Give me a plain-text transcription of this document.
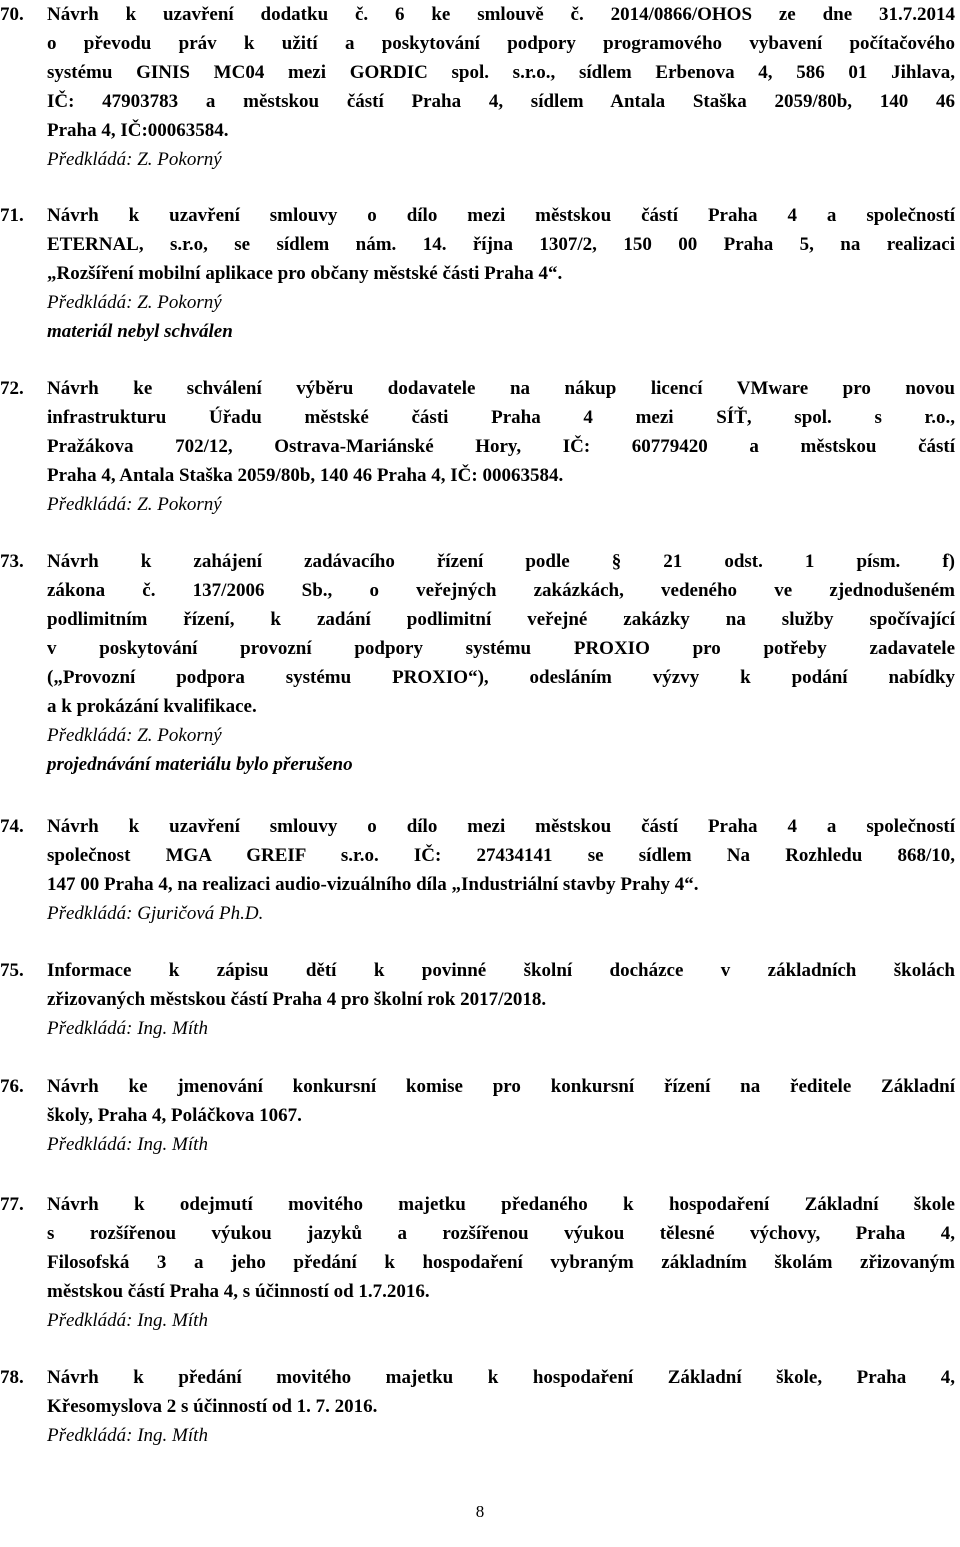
70. Návrh k uzavření dodatku č. 6 ke smlouvě č. 2014/0866/OHOS ze dne 31.7.2014
o převodu práv k užití a poskytování podpory programového vybavení počítačového
systému GINIS MC04 mezi GORDIC spol. s.r.o., sídlem Erbenova 4, 586 01 Jihlava,
IČ: 47903783 a městskou částí Praha 4, sídlem Antala Staška 2059/80b, 140 46
Praha 4, IČ:00063584.
Předkládá: Z. Pokorný
71. Návrh k uzavření smlouvy o dílo mezi městskou částí Praha 4 a společností
ETERNAL, s.r.o, se sídlem nám. 14. října 1307/2, 150 00 Praha 5, na realizaci
„Rozšíření mobilní aplikace pro občany městské části Praha 4“.
Předkládá: Z. Pokorný
materiál nebyl schválen
72. Návrh ke schválení výběru dodavatele na nákup licencí VMware pro novou
infrastrukturu Úřadu městské části Praha 4 mezi SÍŤ, spol. s r.o.,
Pražákova 702/12, Ostrava-Mariánské Hory, IČ: 60779420 a městskou částí
Praha 4, Antala Staška 2059/80b, 140 46 Praha 4, IČ: 00063584.
Předkládá: Z. Pokorný
73. Návrh k zahájení zadávacího řízení podle § 21 odst. 1 písm. f)
zákona č. 137/2006 Sb., o veřejných zakázkách, vedeného ve zjednodušeném
podlimitním řízení, k zadání podlimitní veřejné zakázky na služby spočívající
v poskytování provozní podpory systému PROXIO pro potřeby zadavatele
(„Provozní podpora systému PROXIO“), odesláním výzvy k podání nabídky
a k prokázání kvalifikace.
Předkládá: Z. Pokorný
projednávání materiálu bylo přerušeno
74. Návrh k uzavření smlouvy o dílo mezi městskou částí Praha 4 a společností
společnost MGA GREIF s.r.o. IČ: 27434141 se sídlem Na Rozhledu 868/10,
147 00 Praha 4, na realizaci audio-vizuálního díla „Industriální stavby Prahy 4“.
Předkládá: Gjuričová Ph.D.
75. Informace k zápisu dětí k povinné školní docházce v základních školách
zřizovaných městskou částí Praha 4 pro školní rok 2017/2018.
Předkládá: Ing. Míth
76. Návrh ke jmenování konkursní komise pro konkursní řízení na ředitele Základní
školy, Praha 4, Poláčkova 1067.
Předkládá: Ing. Míth
77. Návrh k odejmutí movitého majetku předaného k hospodaření Základní škole
s rozšířenou výukou jazyků a rozšířenou výukou tělesné výchovy, Praha 4,
Filosofská 3 a jeho předání k hospodaření vybraným základním školám zřizovaným
městskou částí Praha 4, s účinností od 1.7.2016.
Předkládá: Ing. Míth
78. Návrh k předání movitého majetku k hospodaření Základní škole, Praha 4,
Křesomyslova 2 s účinností od 1. 7. 2016.
Předkládá: Ing. Míth
8
